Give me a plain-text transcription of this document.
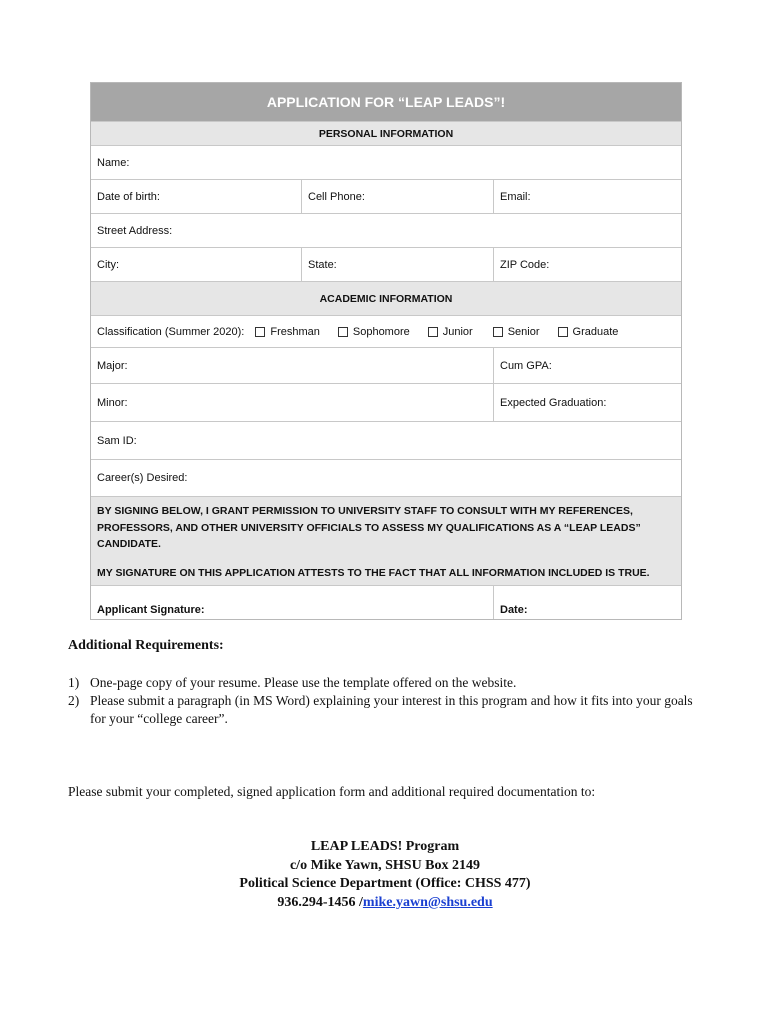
APPLICATION FOR “LEAP LEADS”!
PERSONAL INFORMATION
Name:
Date of birth:	Cell Phone:	Email:
Street Address:
City:	State:	ZIP Code:
ACADEMIC INFORMATION
Classification (Summer 2020): Freshman	Sophomore	Junior	Senior	Graduate
Major:	Cum GPA:
Minor:	Expected Graduation:
Sam ID:
Career(s) Desired:

BY SIGNING BELOW, I GRANT PERMISSION TO UNIVERSITY STAFF TO CONSULT WITH MY REFERENCES, PROFESSORS, AND OTHER UNIVERSITY OFFICIALS TO ASSESS MY QUALIFICATIONS AS A “LEAP LEADS” CANDIDATE.

MY SIGNATURE ON THIS APPLICATION ATTESTS TO THE FACT THAT ALL INFORMATION INCLUDED IS TRUE.

Applicant Signature:	Date:
Additional Requirements:
1) One-page copy of your resume. Please use the template offered on the website.
2) Please submit a paragraph (in MS Word) explaining your interest in this program and how it fits into your goals for your “college career”.
Please submit your completed, signed application form and additional required documentation to:
LEAP LEADS! Program
c/o Mike Yawn, SHSU Box 2149
Political Science Department (Office: CHSS 477)
936.294-1456 /mike.yawn@shsu.edu
